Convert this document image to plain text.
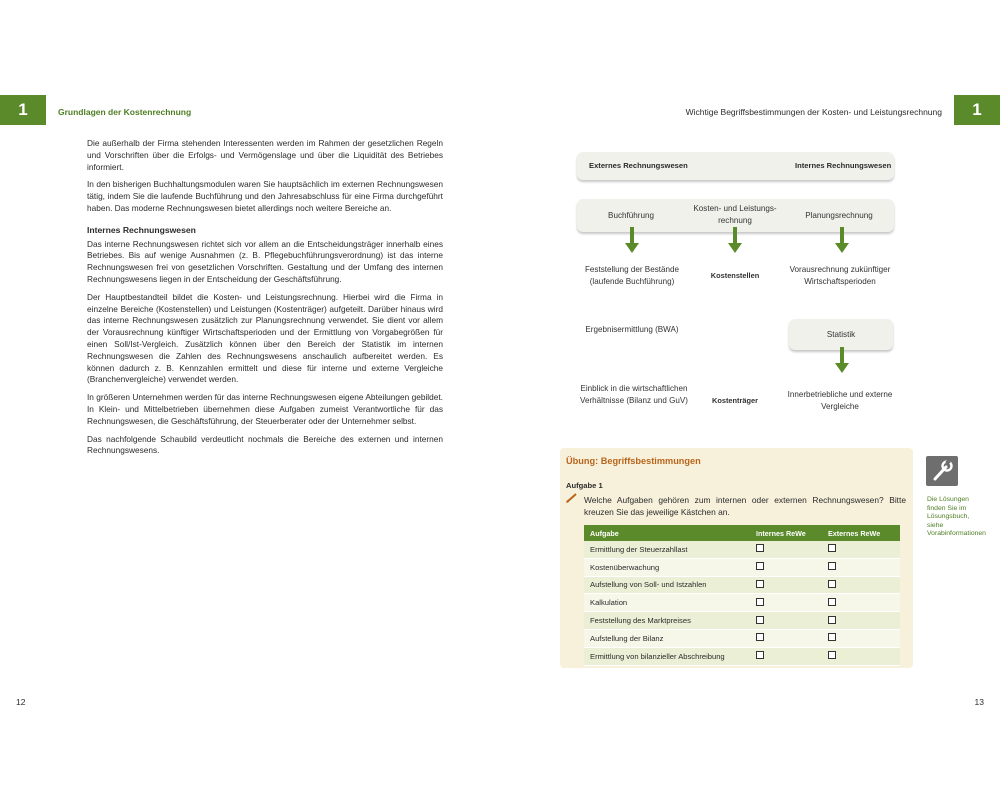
1	Grundlagen der Kostenrechnung	Wichtige Begriffsbestimmungen der Kosten- und Leistungsrechnung	1

Die außerhalb der Firma stehenden Interessenten werden im Rahmen der gesetzlichen Regeln und Vorschriften über die Erfolgs- und Vermögenslage und über die Liquidität des Betriebes informiert.

In den bisherigen Buchhaltungsmodulen waren Sie hauptsächlich im externen Rechnungswesen tätig, indem Sie die laufende Buchführung und den Jahresabschluss für eine Firma durchgeführt haben. Das moderne Rechnungswesen bietet allerdings noch weitere Bereiche an.

Internes Rechnungswesen

Das interne Rechnungswesen richtet sich vor allem an die Entscheidungsträger innerhalb eines Betriebes. Bis auf wenige Ausnahmen (z. B. Pflegebuchführungsverordnung) ist das interne Rechnungswesen frei von gesetzlichen Vorschriften. Gestaltung und der Umfang des internen Rechnungswesens liegen in der Entscheidung der Geschäftsführung.

Der Hauptbestandteil bildet die Kosten- und Leistungsrechnung. Hierbei wird die Firma in einzelne Bereiche (Kostenstellen) und Leistungen (Kostenträger) aufgeteilt. Darüber hinaus wird das interne Rechnungswesen zusätzlich zur Planungsrechnung verwendet. Sie dient vor allem der Vorausrechnung künftiger Wirtschaftsperioden und der Ermittlung von Vorgabegrößen für einen Soll/Ist-Vergleich. Zusätzlich können über den Bereich der Statistik im internen Rechnungswesen die Zahlen des Rechnungswesens anschaulich aufbereitet werden. Es können dadurch z. B. Kennzahlen ermittelt und diese für interne und externe Vergleiche (Branchenvergleiche) verwendet werden.

In größeren Unternehmen werden für das interne Rechnungswesen eigene Abteilungen gebildet. In Klein- und Mittelbetrieben übernehmen diese Aufgaben zumeist Verantwortliche für das Rechnungswesen, die Geschäftsführung, der Steuerberater oder der Unternehmer selbst.

Das nachfolgende Schaubild verdeutlicht nochmals die Bereiche des externen und internen Rechnungswesens.

Externes Rechnungswesen	Internes Rechnungswesen
Buchführung
Kosten- und Leistungs-rechnung
Planungsrechnung
Feststellung der Bestände (laufende Buchführung)
Kostenstellen
Vorausrechnung zukünftiger Wirtschaftsperioden
Ergebnisermittlung (BWA)
Statistik
Einblick in die wirtschaftlichen Verhältnisse (Bilanz und GuV)	Kostenträger
Innerbetriebliche und externe Vergleiche
Übung: Begriffsbestimmungen
Aufgabe 1
Welche Aufgaben gehören zum internen oder externen Rechnungswesen? Bitte kreuzen Sie das jeweilige Kästchen an.
Aufgabe	Internes ReWe	Externes ReWe
Ermittlung der Steuerzahllast		
Kostenüberwachung		
Aufstellung von Soll- und Istzahlen		
Kalkulation		
Feststellung des Marktpreises		
Aufstellung der Bilanz		
Ermittlung von bilanzieller Abschreibung		
Die Lösungen finden Sie im Lösungsbuch, siehe Vorabinformationen
12	13
